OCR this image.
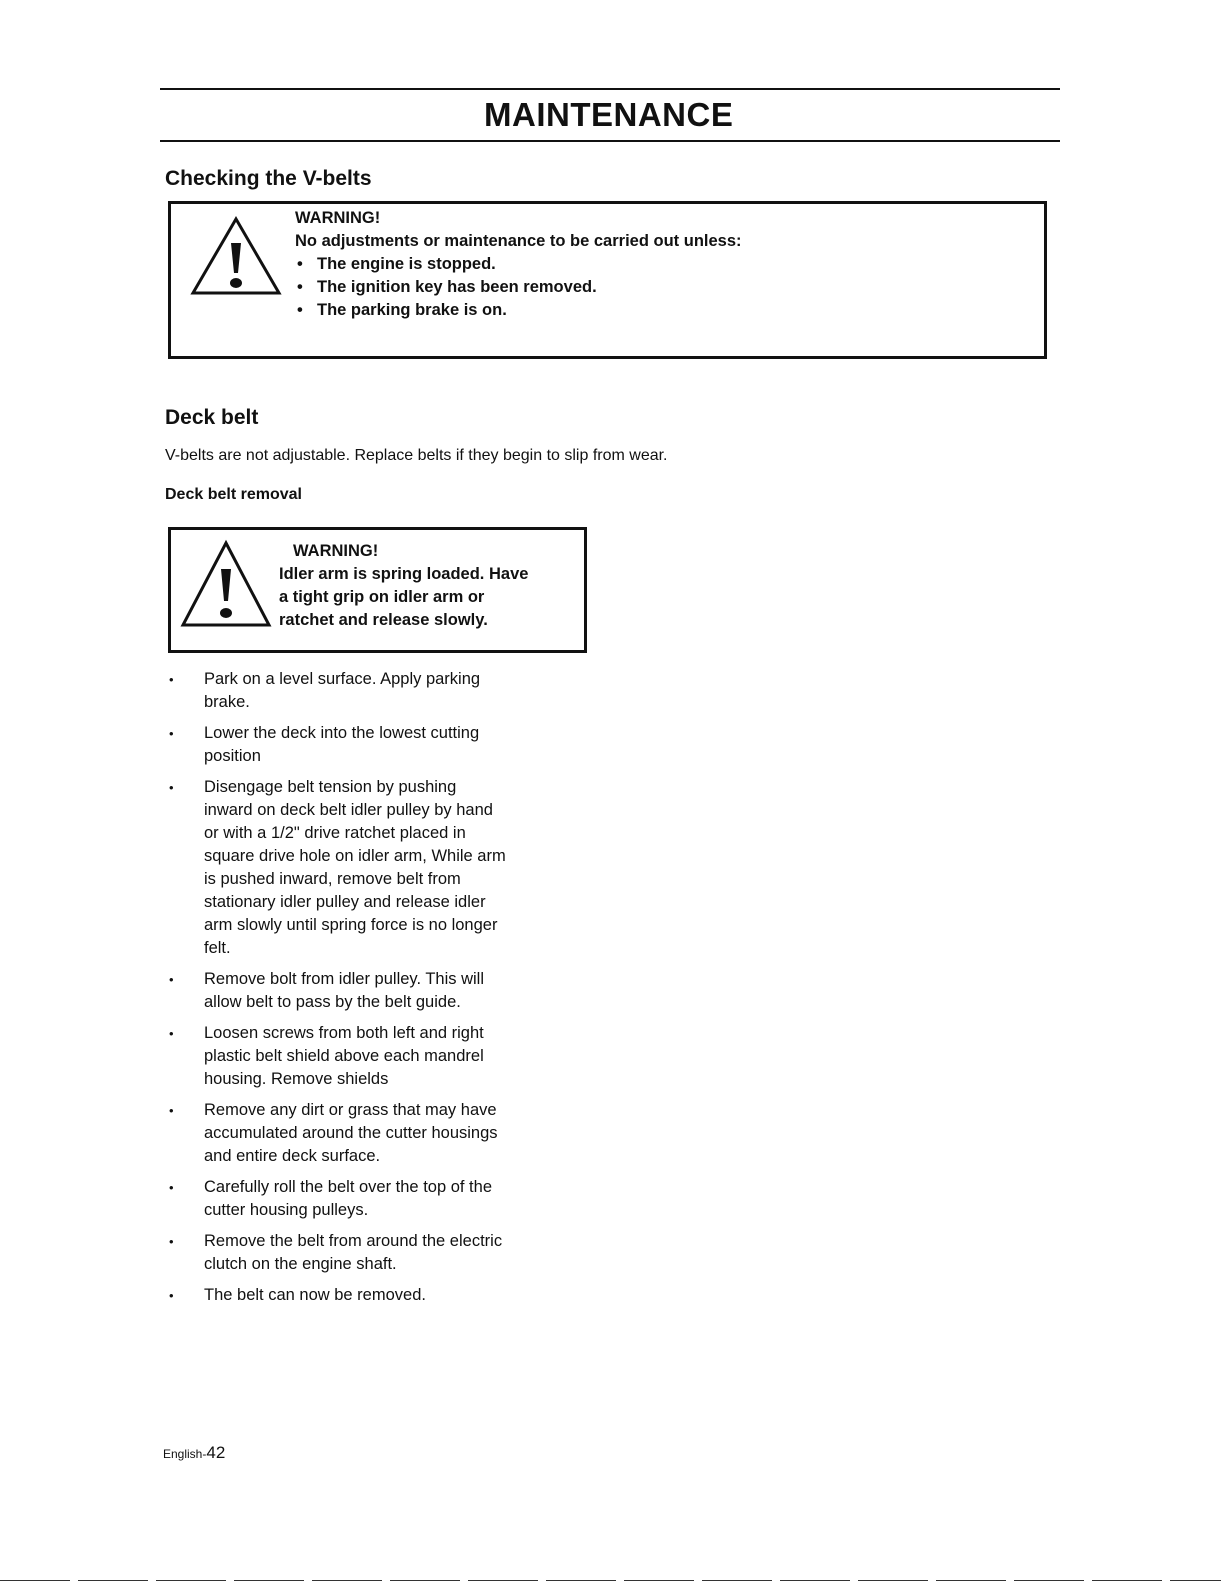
MAINTENANCE
Checking the V-belts
WARNING!
No adjustments or maintenance to be carried out unless:
• The engine is stopped.
• The ignition key has been removed.
• The parking brake is on.
Deck belt
V-belts are not adjustable. Replace belts if they begin to slip from wear.
Deck belt removal
WARNING!
Idler arm is spring loaded. Have
a tight grip on idler arm or
ratchet and release slowly.
• Park on a level surface. Apply parking
brake.
• Lower the deck into the lowest cutting
position
• Disengage belt tension by pushing
inward on deck belt idler pulley by hand
or with a 1/2" drive ratchet placed in
square drive hole on idler arm, While arm
is pushed inward, remove belt from
stationary idler pulley and release idler
arm slowly until spring force is no longer
felt.
• Remove bolt from idler pulley. This will
allow belt to pass by the belt guide.
• Loosen screws from both left and right
plastic belt shield above each mandrel
housing. Remove shields
• Remove any dirt or grass that may have
accumulated around the cutter housings
and entire deck surface.
• Carefully roll the belt over the top of the
cutter housing pulleys.
• Remove the belt from around the electric
clutch on the engine shaft.
• The belt can now be removed.
English-42
